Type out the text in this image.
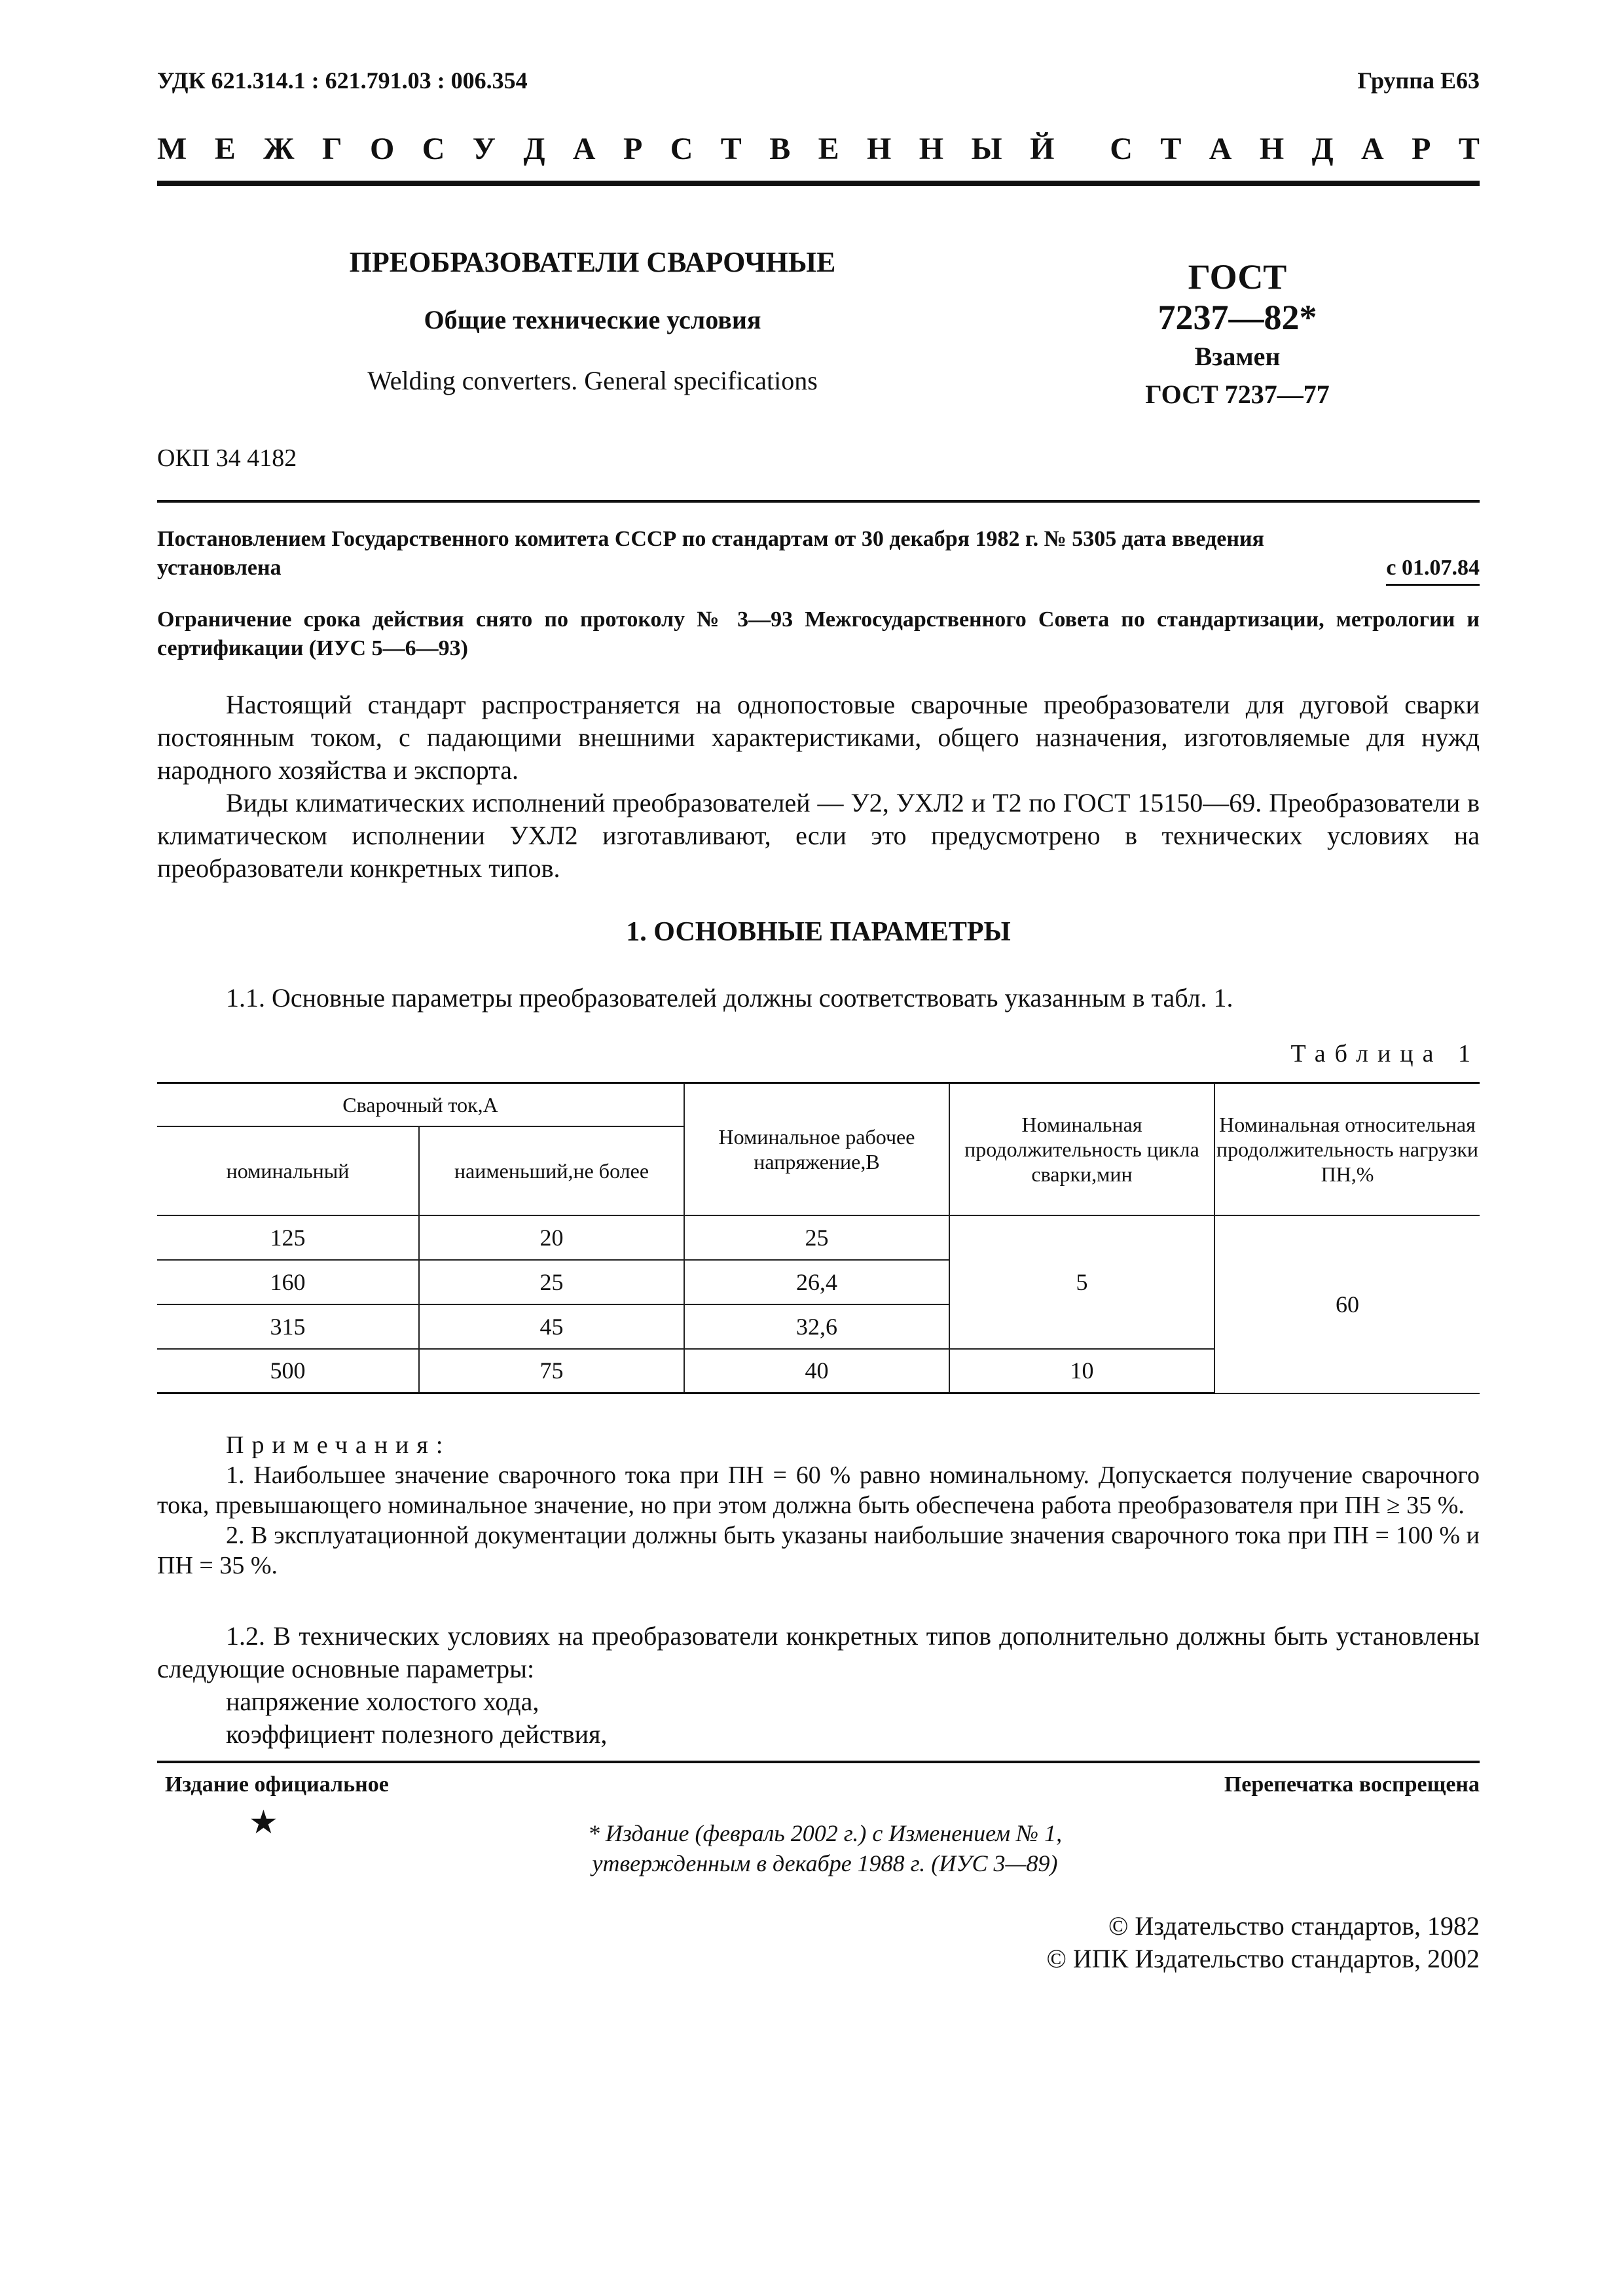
УДК 621.314.1 : 621.791.03 : 006.354	Группа Е63
М Е Ж Г О С У Д А Р С Т В Е Н Н Ы Й С Т А Н Д А Р Т
ПРЕОБРАЗОВАТЕЛИ СВАРОЧНЫЕ
Общие технические условия
Welding converters. General specifications
ОКП 34 4182
ГОСТ
7237—82*
Взамен
ГОСТ 7237—77
Постановлением Государственного комитета СССР по стандартам от 30 декабря 1982 г. № 5305 дата введения
установлена	с 01.07.84
Ограничение срока действия снято по протоколу № 3—93 Межгосударственного Совета по стандартизации, метрологии и сертификации (ИУС 5—6—93)
Настоящий стандарт распространяется на однопостовые сварочные преобразователи для дуговой сварки постоянным током, с падающими внешними характеристиками, общего назначения, изготовляемые для нужд народного хозяйства и экспорта.
Виды климатических исполнений преобразователей — У2, УХЛ2 и Т2 по ГОСТ 15150—69. Преобразователи в климатическом исполнении УХЛ2 изготавливают, если это предусмотрено в технических условиях на преобразователи конкретных типов.
1. ОСНОВНЫЕ ПАРАМЕТРЫ
1.1. Основные параметры преобразователей должны соответствовать указанным в табл. 1.
Таблица 1
Сварочный ток,А		Номинальное рабочее напряжение,В	Номинальная продолжительность цикла сварки,мин	Номинальная относительная продолжительность нагрузки ПН,%
номинальный	наименьший,не более			
125	20	25	5	60
160	25	26,4		
315	45	32,6		
500	75	40	10	

Примечания:

1. Наибольшее значение сварочного тока при ПН = 60 % равно номинальному. Допускается получение сварочного тока, превышающего номинальное значение, но при этом должна быть обеспечена работа преобразователя при ПН ≥ 35 %.

2. В эксплуатационной документации должны быть указаны наибольшие значения сварочного тока при ПН = 100 % и ПН = 35 %.

1.2. В технических условиях на преобразователи конкретных типов дополнительно должны быть установлены следующие основные параметры:
напряжение холостого хода,
коэффициент полезного действия,
Издание официальное	Перепечатка воспрещена
★	* Издание (февраль 2002 г.) с Изменением № 1,
утвержденным в декабре 1988 г. (ИУС 3—89)
© Издательство стандартов, 1982
© ИПК Издательство стандартов, 2002
